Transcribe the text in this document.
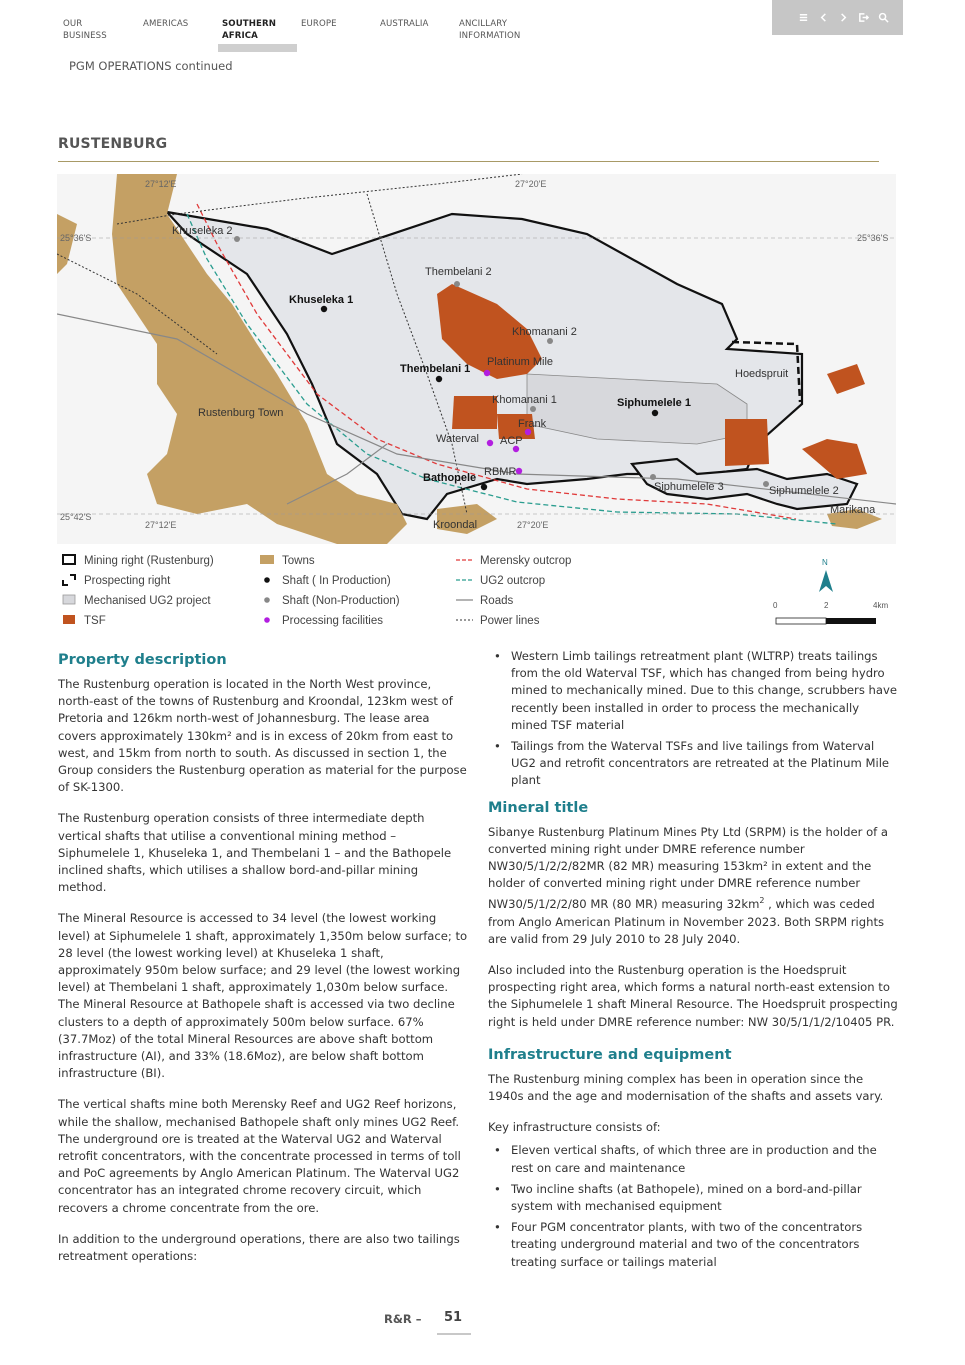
OUR
BUSINESS
AMERICAS	SOUTHERN
AFRICA
EUROPE	AUSTRALIA	ANCILLARY
INFORMATION
PGM OPERATIONS continued
RUSTENBURG
27°12'E	27°20'E
25°36'S	25°36'S
25°42'S
27°12'E	27°20'E
Khuseleka 2
Thembelani 2
Khuseleka 1
Khomanani 2
Platinum Mile
Thembelani 1	Hoedspruit
Rustenburg Town
Khomanani 1	Siphumelele 1
Frank
Waterval ACP
RBMR
Bathopele
Siphumelele 3	Siphumelele 2
Marikana
Kroondal
Mining right (Rustenburg)
Prospecting right
Mechanised UG2 project
TSF
Towns
Shaft ( In Production)
Shaft (Non-Production)
Processing facilities
Merensky outcrop
UG2 outcrop
Roads
Power lines
N
0	2	4km
Property description
The Rustenburg operation is located in the North West province, north-east of the towns of Rustenburg and Kroondal, 123km west of Pretoria and 126km north-west of Johannesburg. The lease area covers approximately 130km² and is in excess of 20km from east to west, and 15km from north to south. As discussed in section 1, the Group considers the Rustenburg operation as material for the purpose of SK-1300.
The Rustenburg operation consists of three intermediate depth vertical shafts that utilise a conventional mining method – Siphumelele 1, Khuseleka 1, and Thembelani 1 – and the Bathopele inclined shafts, which utilises a shallow bord-and-pillar mining method.
The Mineral Resource is accessed to 34 level (the lowest working level) at Siphumelele 1 shaft, approximately 1,350m below surface; to 28 level (the lowest working level) at Khuseleka 1 shaft, approximately 950m below surface; and 29 level (the lowest working level) at Thembelani 1 shaft, approximately 1,030m below surface. The Mineral Resource at Bathopele shaft is accessed via two decline clusters to a depth of approximately 500m below surface. 67% (37.7Moz) of the total Mineral Resources are above shaft bottom infrastructure (AI), and 33% (18.6Moz), are below shaft bottom infrastructure (BI).
The vertical shafts mine both Merensky Reef and UG2 Reef horizons, while the shallow, mechanised Bathopele shaft only mines UG2 Reef. The underground ore is treated at the Waterval UG2 and Waterval retrofit concentrators, with the concentrate processed in terms of toll and PoC agreements by Anglo American Platinum. The Waterval UG2 concentrator has an integrated chrome recovery circuit, which recovers a chrome concentrate from the ore.
In addition to the underground operations, there are also two tailings retreatment operations:
• Western Limb tailings retreatment plant (WLTRP) treats tailings from the old Waterval TSF, which has changed from being hydro mined to mechanically mined. Due to this change, scrubbers have recently been installed in order to process the mechanically mined TSF material
• Tailings from the Waterval TSFs and live tailings from Waterval UG2 and retrofit concentrators are retreated at the Platinum Mile plant
Mineral title
Sibanye Rustenburg Platinum Mines Pty Ltd (SRPM) is the holder of a converted mining right under DMRE reference number NW30/5/1/2/2/82MR (82 MR) measuring 153km² in extent and the holder of converted mining right under DMRE reference number NW30/5/1/2/2/80 MR (80 MR) measuring $32km^2$ , which was ceded from Anglo American Platinum in November 2023. Both SRPM rights are valid from 29 July 2010 to 28 July 2040.
Also included into the Rustenburg operation is the Hoedspruit prospecting right area, which forms a natural north-east extension to the Siphumelele 1 shaft Mineral Resource. The Hoedspruit prospecting right is held under DMRE reference number: NW 30/5/1/1/2/10405 PR.
Infrastructure and equipment
The Rustenburg mining complex has been in operation since the 1940s and the age and modernisation of the shafts and assets vary.
Key infrastructure consists of:
• Eleven vertical shafts, of which three are in production and the rest on care and maintenance
• Two incline shafts (at Bathopele), mined on a bord-and-pillar system with mechanised equipment
• Four PGM concentrator plants, with two of the concentrators treating underground material and two of the concentrators treating surface or tailings material
R&R – 51
